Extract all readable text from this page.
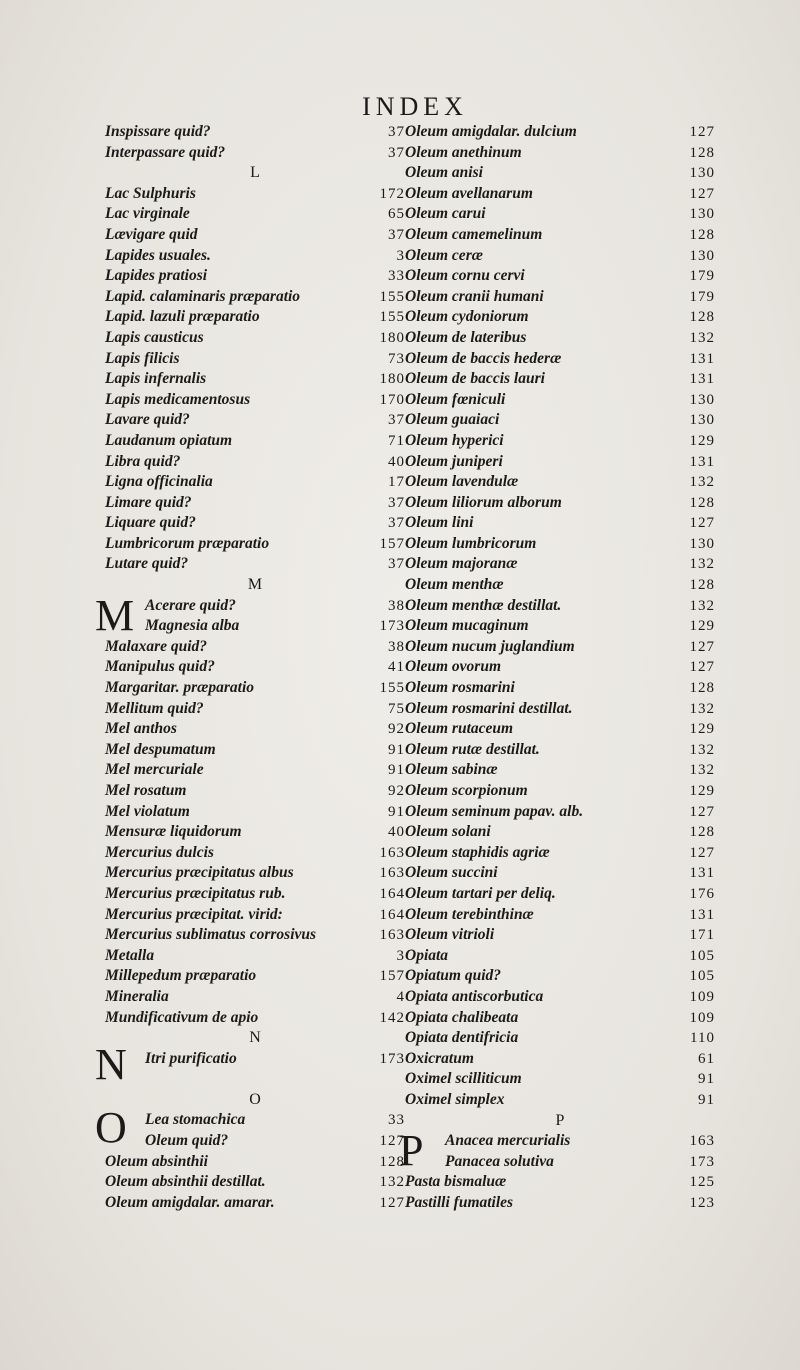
INDEX
Inspissare quid?	37
Interpassare quid?	37
L
Lac Sulphuris	172
Lac virginale	65
Lævigare quid	37
Lapides usuales.	3
Lapides pratiosi	33
Lapid. calaminaris præparatio	155
Lapid. lazuli præparatio	155
Lapis causticus	180
Lapis filicis	73
Lapis infernalis	180
Lapis medicamentosus	170
Lavare quid?	37
Laudanum opiatum	71
Libra quid?	40
Ligna officinalia	17
Limare quid?	37
Liquare quid?	37
Lumbricorum præparatio	157
Lutare quid?	37
M
M Acerare quid?	38
Magnesia alba	173
Malaxare quid?	38
Manipulus quid?	41
Margaritar. præparatio	155
Mellitum quid?	75
Mel anthos	92
Mel despumatum	91
Mel mercuriale	91
Mel rosatum	92
Mel violatum	91
Mensuræ liquidorum	40
Mercurius dulcis	163
Mercurius præcipitatus albus	163
Mercurius præcipitatus rub.	164
Mercurius præcipitat. virid:	164
Mercurius sublimatus corrosivus	163
Metalla	3
Millepedum præparatio	157
Mineralia	4
Mundificativum de apio	142
N
N Itri purificatio	173
O
O Lea stomachica	33
Oleum quid?	127
Oleum absinthii	128
Oleum absinthii destillat.	132
Oleum amigdalar. amarar.	127
Oleum amigdalar. dulcium	127
Oleum anethinum	128
Oleum anisi	130
Oleum avellanarum	127
Oleum carui	130
Oleum camemelinum	128
Oleum ceræ	130
Oleum cornu cervi	179
Oleum cranii humani	179
Oleum cydoniorum	128
Oleum de lateribus	132
Oleum de baccis hederæ	131
Oleum de baccis lauri	131
Oleum fœniculi	130
Oleum guaiaci	130
Oleum hyperici	129
Oleum juniperi	131
Oleum lavendulæ	132
Oleum liliorum alborum	128
Oleum lini	127
Oleum lumbricorum	130
Oleum majoranæ	132
Oleum menthæ	128
Oleum menthæ destillat.	132
Oleum mucaginum	129
Oleum nucum juglandium	127
Oleum ovorum	127
Oleum rosmarini	128
Oleum rosmarini destillat.	132
Oleum rutaceum	129
Oleum rutæ destillat.	132
Oleum sabinæ	132
Oleum scorpionum	129
Oleum seminum papav. alb.	127
Oleum solani	128
Oleum staphidis agriæ	127
Oleum succini	131
Oleum tartari per deliq.	176
Oleum terebinthinæ	131
Oleum vitrioli	171
Opiata	105
Opiatum quid?	105
Opiata antiscorbutica	109
Opiata chalibeata	109
Opiata dentifricia	110
Oxicratum	61
Oximel scilliticum	91
Oximel simplex	91
P
P Anacea mercurialis	163
Panacea solutiva	173
Pasta bismaluæ	125
Pastilli fumatiles	123
